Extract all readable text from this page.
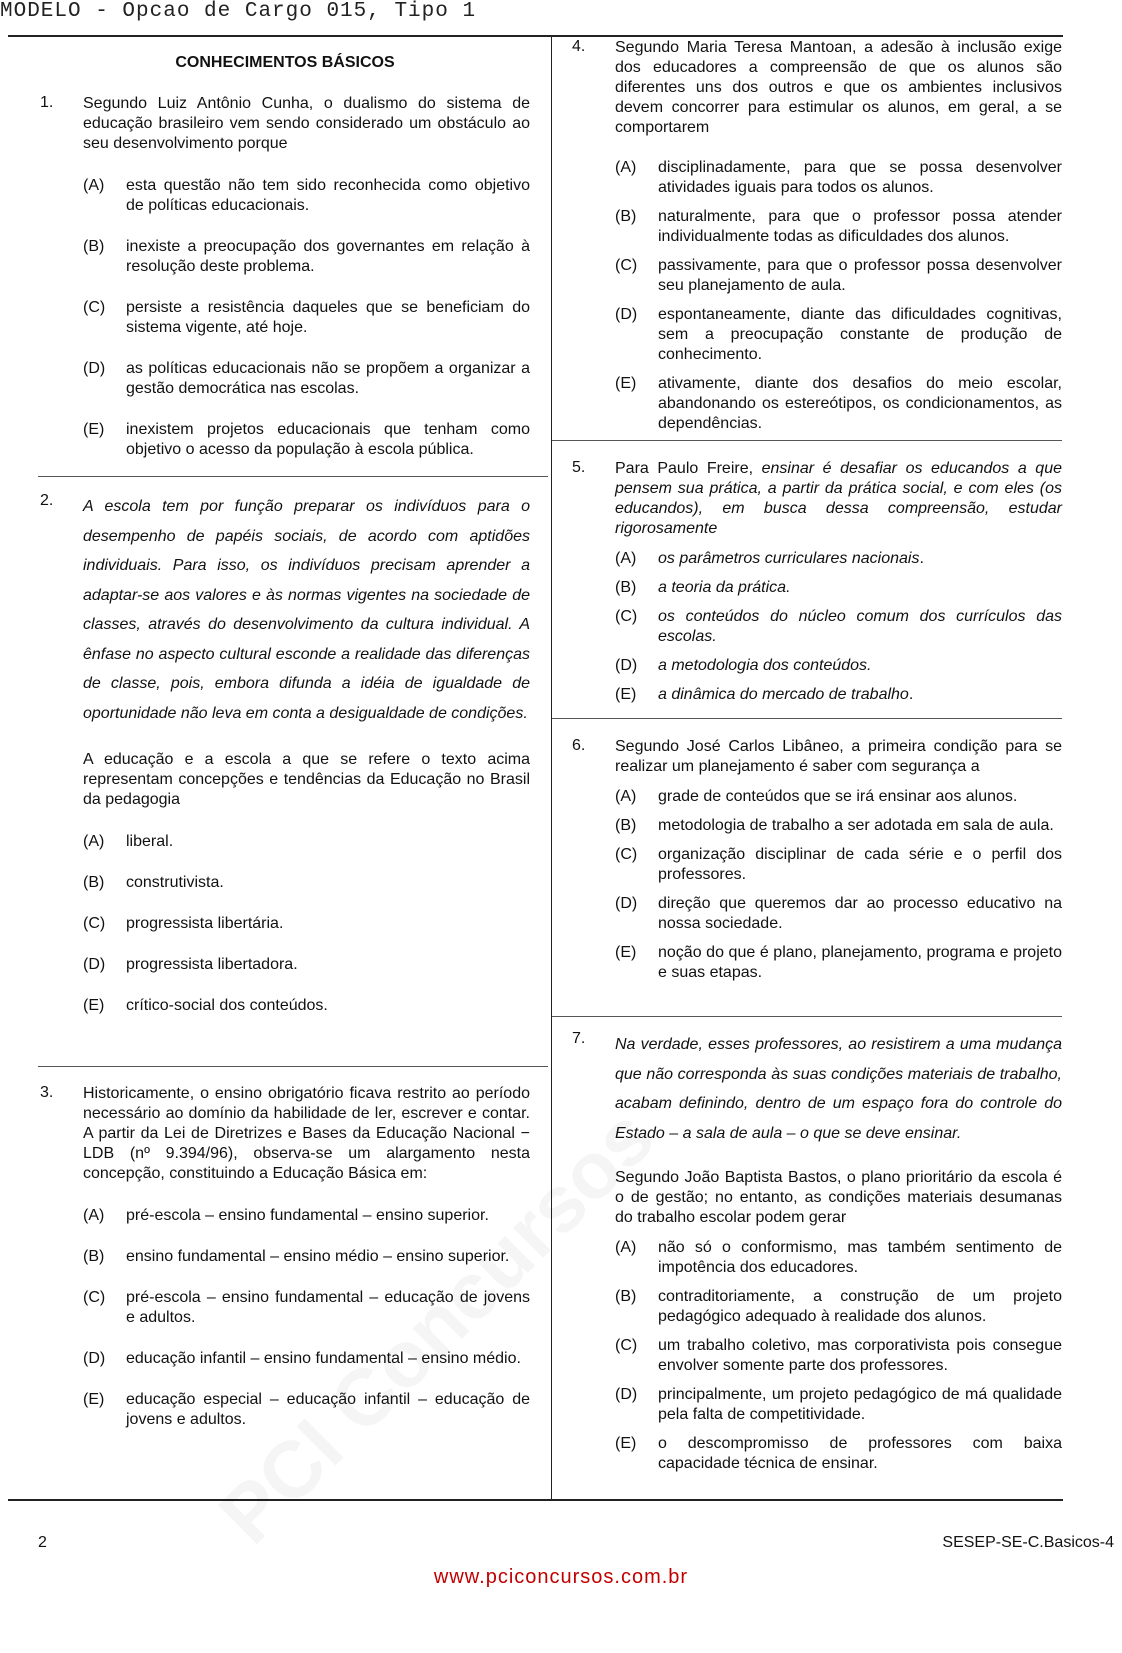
MODELO - Opcao de Cargo 015, Tipo 1
CONHECIMENTOS BÁSICOS
1. Segundo Luiz Antônio Cunha, o dualismo do sistema de educação brasileiro vem sendo considerado um obstáculo ao seu desenvolvimento porque
(A) esta questão não tem sido reconhecida como objetivo de políticas educacionais.
(B) inexiste a preocupação dos governantes em relação à resolução deste problema.
(C) persiste a resistência daqueles que se beneficiam do sistema vigente, até hoje.
(D) as políticas educacionais não se propõem a organizar a gestão democrática nas escolas.
(E) inexistem projetos educacionais que tenham como objetivo o acesso da população à escola pública.
2. A escola tem por função preparar os indivíduos para o desempenho de papéis sociais, de acordo com aptidões individuais. Para isso, os indivíduos precisam aprender a adaptar-se aos valores e às normas vigentes na sociedade de classes, através do desenvolvimento da cultura individual. A ênfase no aspecto cultural esconde a realidade das diferenças de classe, pois, embora difunda a idéia de igualdade de oportunidade não leva em conta a desigualdade de condições.
A educação e a escola a que se refere o texto acima representam concepções e tendências da Educação no Brasil da pedagogia
(A) liberal.
(B) construtivista.
(C) progressista libertária.
(D) progressista libertadora.
(E) crítico-social dos conteúdos.
3. Historicamente, o ensino obrigatório ficava restrito ao período necessário ao domínio da habilidade de ler, escrever e contar. A partir da Lei de Diretrizes e Bases da Educação Nacional − LDB (nº 9.394/96), observa-se um alargamento nesta concepção, constituindo a Educação Básica em:
(A) pré-escola – ensino fundamental – ensino superior.
(B) ensino fundamental – ensino médio – ensino superior.
(C) pré-escola – ensino fundamental – educação de jovens e adultos.
(D) educação infantil – ensino fundamental – ensino médio.
(E) educação especial – educação infantil – educação de jovens e adultos.
4. Segundo Maria Teresa Mantoan, a adesão à inclusão exige dos educadores a compreensão de que os alunos são diferentes uns dos outros e que os ambientes inclusivos devem concorrer para estimular os alunos, em geral, a se comportarem
(A) disciplinadamente, para que se possa desenvolver atividades iguais para todos os alunos.
(B) naturalmente, para que o professor possa atender individualmente todas as dificuldades dos alunos.
(C) passivamente, para que o professor possa desenvolver seu planejamento de aula.
(D) espontaneamente, diante das dificuldades cognitivas, sem a preocupação constante de produção de conhecimento.
(E) ativamente, diante dos desafios do meio escolar, abandonando os estereótipos, os condicionamentos, as dependências.
5. Para Paulo Freire, ensinar é desafiar os educandos a que pensem sua prática, a partir da prática social, e com eles (os educandos), em busca dessa compreensão, estudar rigorosamente
(A) os parâmetros curriculares nacionais.
(B) a teoria da prática.
(C) os conteúdos do núcleo comum dos currículos das escolas.
(D) a metodologia dos conteúdos.
(E) a dinâmica do mercado de trabalho.
6. Segundo José Carlos Libâneo, a primeira condição para se realizar um planejamento é saber com segurança a
(A) grade de conteúdos que se irá ensinar aos alunos.
(B) metodologia de trabalho a ser adotada em sala de aula.
(C) organização disciplinar de cada série e o perfil dos professores.
(D) direção que queremos dar ao processo educativo na nossa sociedade.
(E) noção do que é plano, planejamento, programa e projeto e suas etapas.
7. Na verdade, esses professores, ao resistirem a uma mudança que não corresponda às suas condições materiais de trabalho, acabam definindo, dentro de um espaço fora do controle do Estado – a sala de aula – o que se deve ensinar.
Segundo João Baptista Bastos, o plano prioritário da escola é o de gestão; no entanto, as condições materiais desumanas do trabalho escolar podem gerar
(A) não só o conformismo, mas também sentimento de impotência dos educadores.
(B) contraditoriamente, a construção de um projeto pedagógico adequado à realidade dos alunos.
(C) um trabalho coletivo, mas corporativista pois consegue envolver somente parte dos professores.
(D) principalmente, um projeto pedagógico de má qualidade pela falta de competitividade.
(E) o descompromisso de professores com baixa capacidade técnica de ensinar.
2	SESEP-SE-C.Basicos-4
www.pciconcursos.com.br
